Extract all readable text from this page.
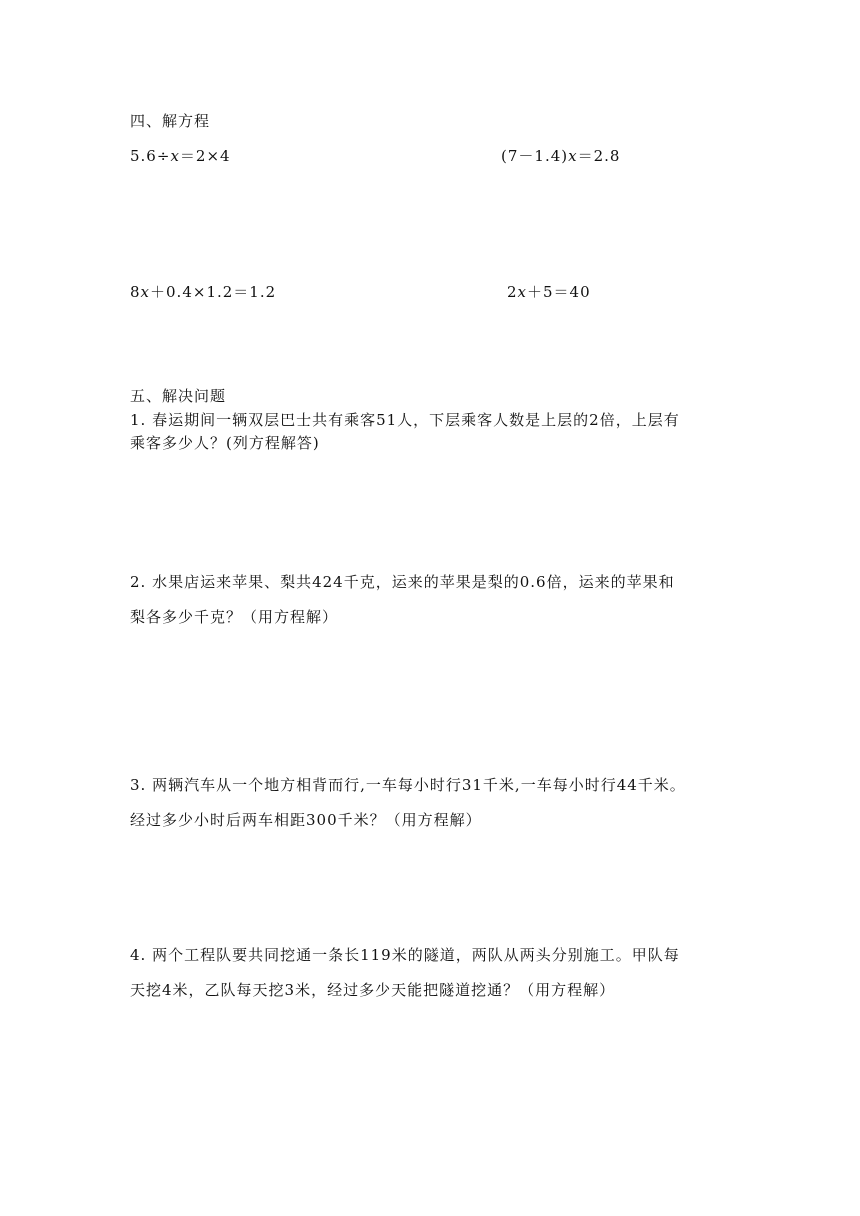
四、解方程
5.6÷x＝2×4	(7－1.4)x＝2.8
8x＋0.4×1.2＝1.2	2x＋5＝40
五、解决问题
1. 春运期间一辆双层巴士共有乘客51人，下层乘客人数是上层的2倍，上层有
乘客多少人？(列方程解答)
2. 水果店运来苹果、梨共424千克，运来的苹果是梨的0.6倍，运来的苹果和
梨各多少千克？（用方程解）
3. 两辆汽车从一个地方相背而行,一车每小时行31千米,一车每小时行44千米。
经过多少小时后两车相距300千米？（用方程解）
4. 两个工程队要共同挖通一条长119米的隧道，两队从两头分别施工。甲队每
天挖4米，乙队每天挖3米，经过多少天能把隧道挖通？（用方程解）
